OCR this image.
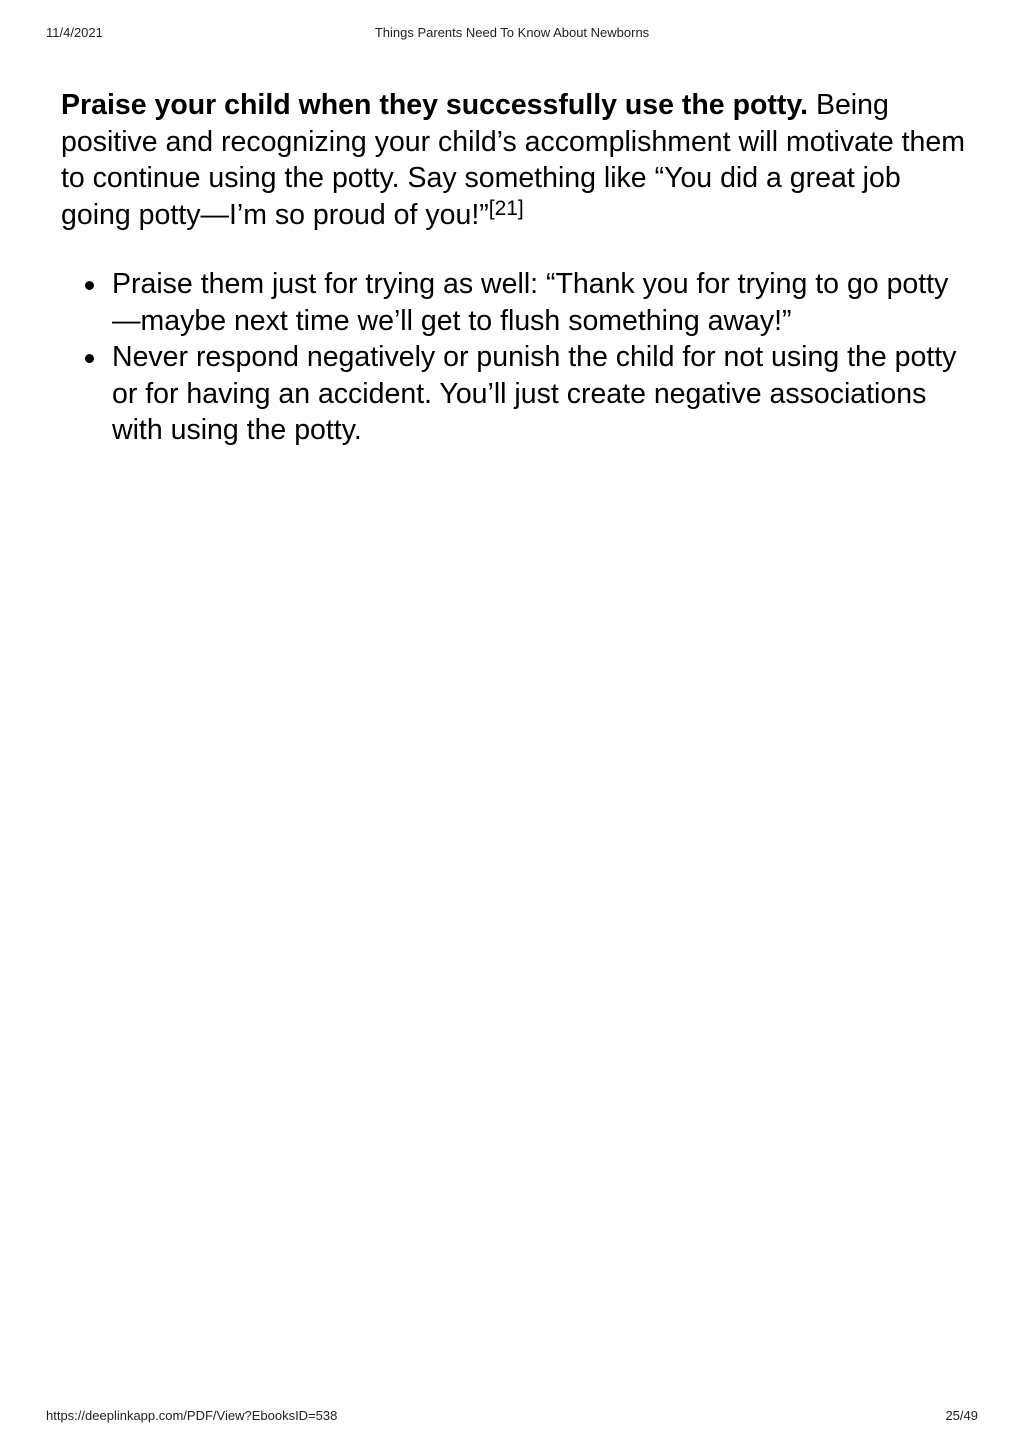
11/4/2021	Things Parents Need To Know About Newborns

Praise your child when they successfully use the potty. Being positive and recognizing your child’s accomplishment will motivate them to continue using the potty. Say something like “You did a great job going potty—I’m so proud of you!”[21]

Praise them just for trying as well: “Thank you for trying to go potty—maybe next time we’ll get to flush something away!”
Never respond negatively or punish the child for not using the potty or for having an accident. You’ll just create negative associations with using the potty.
https://deeplinkapp.com/PDF/View?EbooksID=538	25/49
